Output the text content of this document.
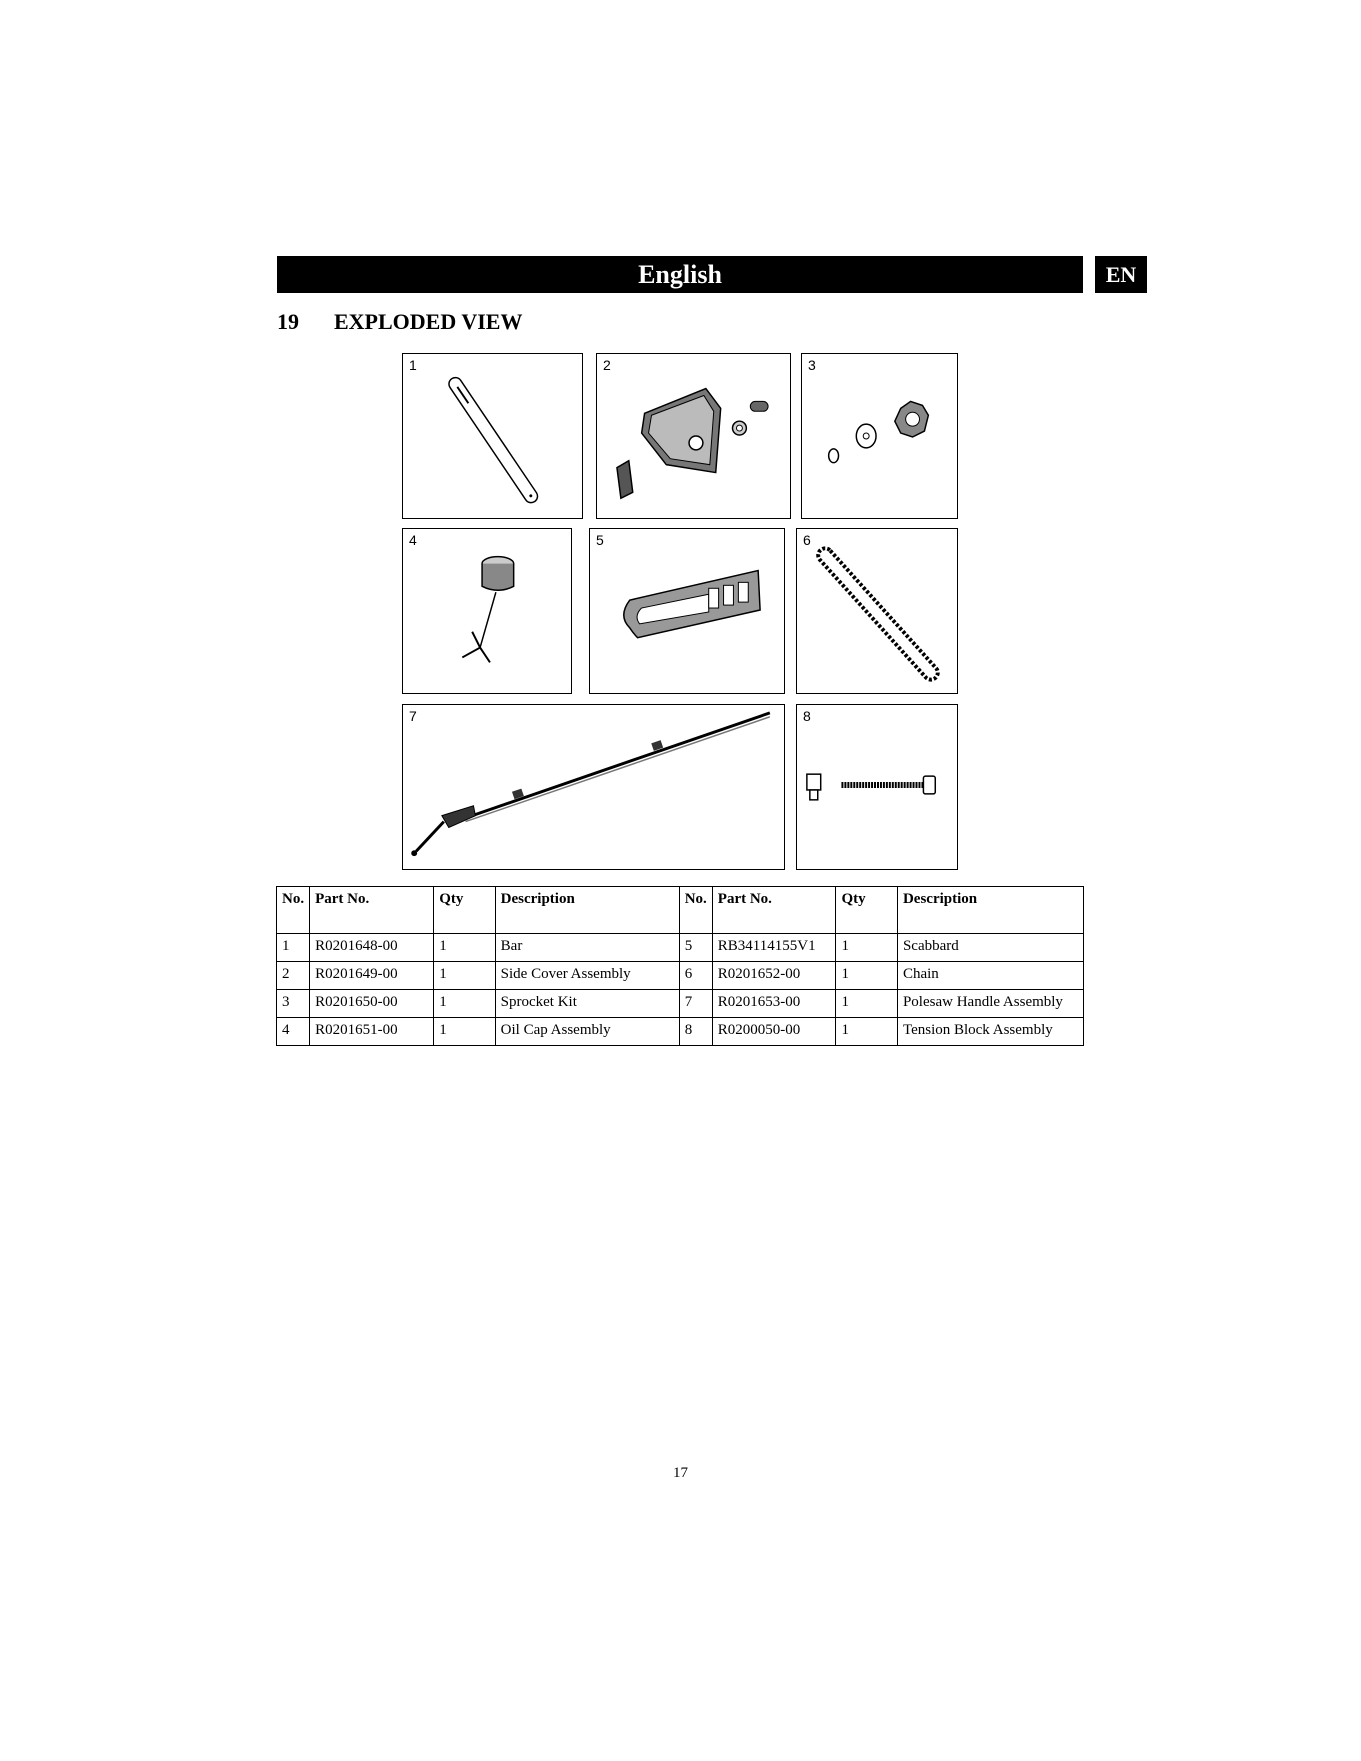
English	EN
19 EXPLODED VIEW
1	2	3
4	5	6
7	8
No.	Part No.	Qty	Description	No.	Part No.	Qty	Description
1	R0201648-00	1	Bar	5	RB34114155V1	1	Scabbard
2	R0201649-00	1	Side Cover Assembly	6	R0201652-00	1	Chain
3	R0201650-00	1	Sprocket Kit	7	R0201653-00	1	Polesaw Handle Assembly
4	R0201651-00	1	Oil Cap Assembly	8	R0200050-00	1	Tension Block Assembly
17
